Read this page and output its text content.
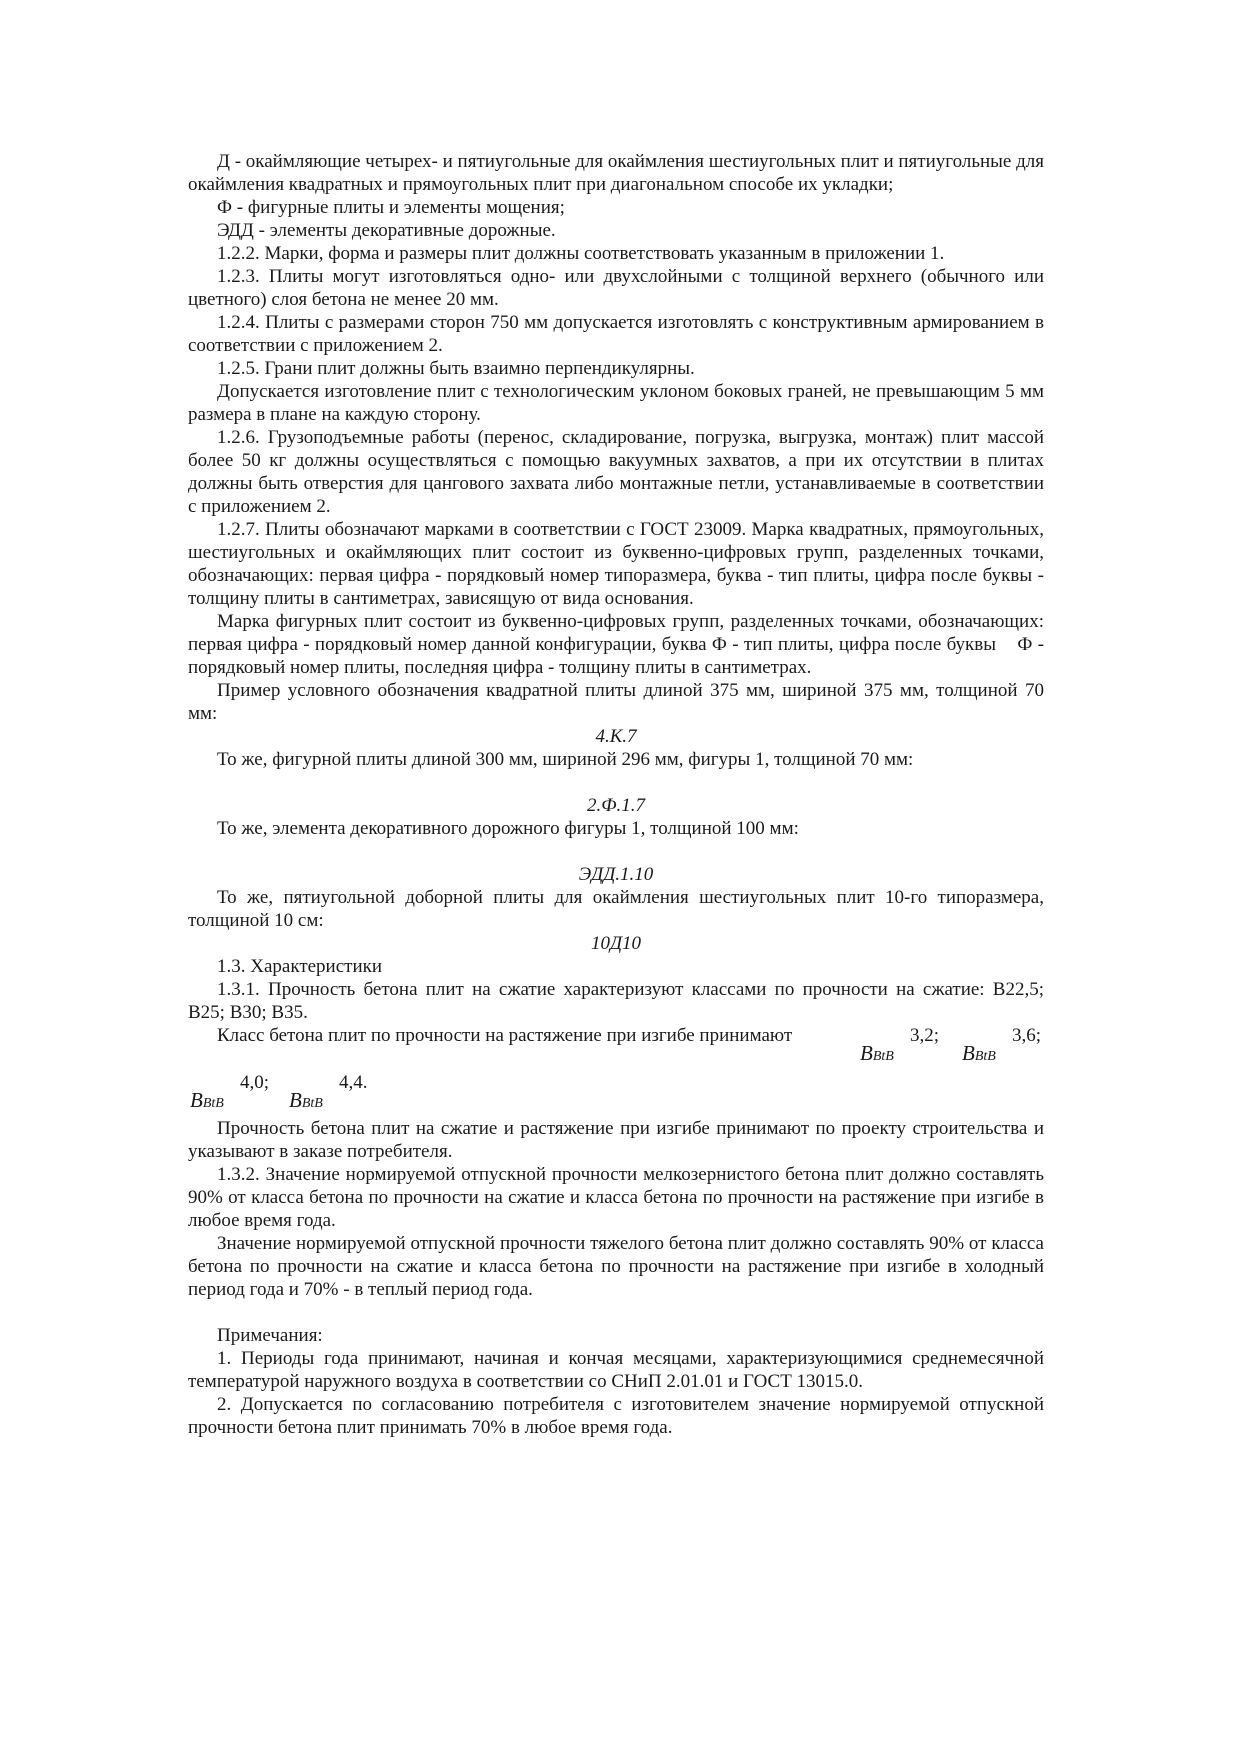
Д - окаймляющие четырех- и пятиугольные для окаймления шестиугольных плит и пятиугольные для окаймления квадратных и прямоугольных плит при диагональном способе их укладки;

Ф - фигурные плиты и элементы мощения;

ЭДД - элементы декоративные дорожные.

1.2.2. Марки, форма и размеры плит должны соответствовать указанным в приложении 1.

1.2.3. Плиты могут изготовляться одно- или двухслойными с толщиной верхнего (обычного или цветного) слоя бетона не менее 20 мм.

1.2.4. Плиты с размерами сторон 750 мм допускается изготовлять с конструктивным армированием в соответствии с приложением 2.

1.2.5. Грани плит должны быть взаимно перпендикулярны.

Допускается изготовление плит с технологическим уклоном боковых граней, не превышающим 5 мм размера в плане на каждую сторону.

1.2.6. Грузоподъемные работы (перенос, складирование, погрузка, выгрузка, монтаж) плит массой более 50 кг должны осуществляться с помощью вакуумных захватов, а при их отсутствии в плитах должны быть отверстия для цангового захвата либо монтажные петли, устанавливаемые в соответствии с приложением 2.

1.2.7. Плиты обозначают марками в соответствии с ГОСТ 23009. Марка квадратных, прямоугольных, шестиугольных и окаймляющих плит состоит из буквенно-цифровых групп, разделенных точками, обозначающих: первая цифра - порядковый номер типоразмера, буква - тип плиты, цифра после буквы - толщину плиты в сантиметрах, зависящую от вида основания.

Марка фигурных плит состоит из буквенно-цифровых групп, разделенных точками, обозначающих: первая цифра - порядковый номер данной конфигурации, буква Ф - тип плиты, цифра после буквы    Ф - порядковый номер плиты, последняя цифра - толщину плиты в сантиметрах.

Пример условного обозначения квадратной плиты длиной 375 мм, шириной 375 мм, толщиной 70 мм:

4.К.7

То же, фигурной плиты длиной 300 мм, шириной 296 мм, фигуры 1, толщиной 70 мм:

2.Ф.1.7

То же, элемента декоративного дорожного фигуры 1, толщиной 100 мм:

ЭДД.1.10

То же, пятиугольной доборной плиты для окаймления шестиугольных плит 10-го типоразмера, толщиной 10 см:

10Д10

1.3. Характеристики

1.3.1. Прочность бетона плит на сжатие характеризуют классами по прочности на сжатие: В22,5; В25; В30; В35.

Класс бетона плит по прочности на растяжение при изгибе принимают	3,2;	3,6;
BBtB	BBtB
4,0;	4,4.
BBtB	BBtB

Прочность бетона плит на сжатие и растяжение при изгибе принимают по проекту строительства и указывают в заказе потребителя.

1.3.2. Значение нормируемой отпускной прочности мелкозернистого бетона плит должно составлять 90% от класса бетона по прочности на сжатие и класса бетона по прочности на растяжение при изгибе в любое время года.

Значение нормируемой отпускной прочности тяжелого бетона плит должно составлять 90% от класса бетона по прочности на сжатие и класса бетона по прочности на растяжение при изгибе в холодный период года и 70% - в теплый период года.

Примечания:

1. Периоды года принимают, начиная и кончая месяцами, характеризующимися среднемесячной температурой наружного воздуха в соответствии со СНиП 2.01.01 и ГОСТ 13015.0.

2. Допускается по согласованию потребителя с изготовителем значение нормируемой отпускной прочности бетона плит принимать 70% в любое время года.
